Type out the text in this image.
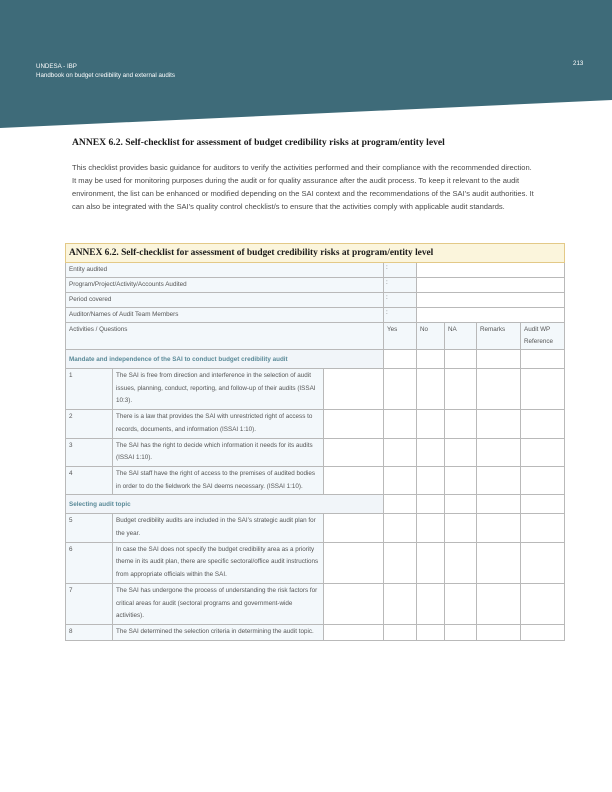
UNDESA - IBP
Handbook on budget credibility and external audits
213
ANNEX 6.2. Self-checklist for assessment of budget credibility risks at program/entity level

This checklist provides basic guidance for auditors to verify the activities performed and their compliance with the recommended direction. It may be used for monitoring purposes during the audit or for quality assurance after the audit process. To keep it relevant to the audit environment, the list can be enhanced or modified depending on the SAI context and the recommendations of the SAI’s audit authorities. It can also be integrated with the SAI’s quality control checklist/s to ensure that the activities comply with applicable audit standards.

ANNEX 6.2. Self-checklist for assessment of budget credibility risks at program/entity level							
Entity audited			:				
Program/Project/Activity/Accounts Audited			:				
Period covered			:				
Auditor/Names of Audit Team Members			:				
Activities / Questions			Yes	No	NA	Remarks	Audit WP Reference
Mandate and independence of the SAI to conduct budget credibility audit							
1	The SAI is free from direction and interference in the selection of audit issues, planning, conduct, reporting, and follow-up of their audits (ISSAI 10:3).						
2	There is a law that provides the SAI with unrestricted right of access to records, documents, and information (ISSAI 1:10).						
3	The SAI has the right to decide which information it needs for its audits (ISSAI 1:10).						
4	The SAI staff have the right of access to the premises of audited bodies in order to do the fieldwork the SAI deems necessary. (ISSAI 1:10).						
Selecting audit topic							
5	Budget credibility audits are included in the SAI’s strategic audit plan for the year.						
6	In case the SAI does not specify the budget credibility area as a priority theme in its audit plan, there are specific sectoral/office audit instructions from appropriate officials within the SAI.						
7	The SAI has undergone the process of understanding the risk factors for critical areas for audit (sectoral programs and government-wide activities).						
8	The SAI determined the selection criteria in determining the audit topic.						
